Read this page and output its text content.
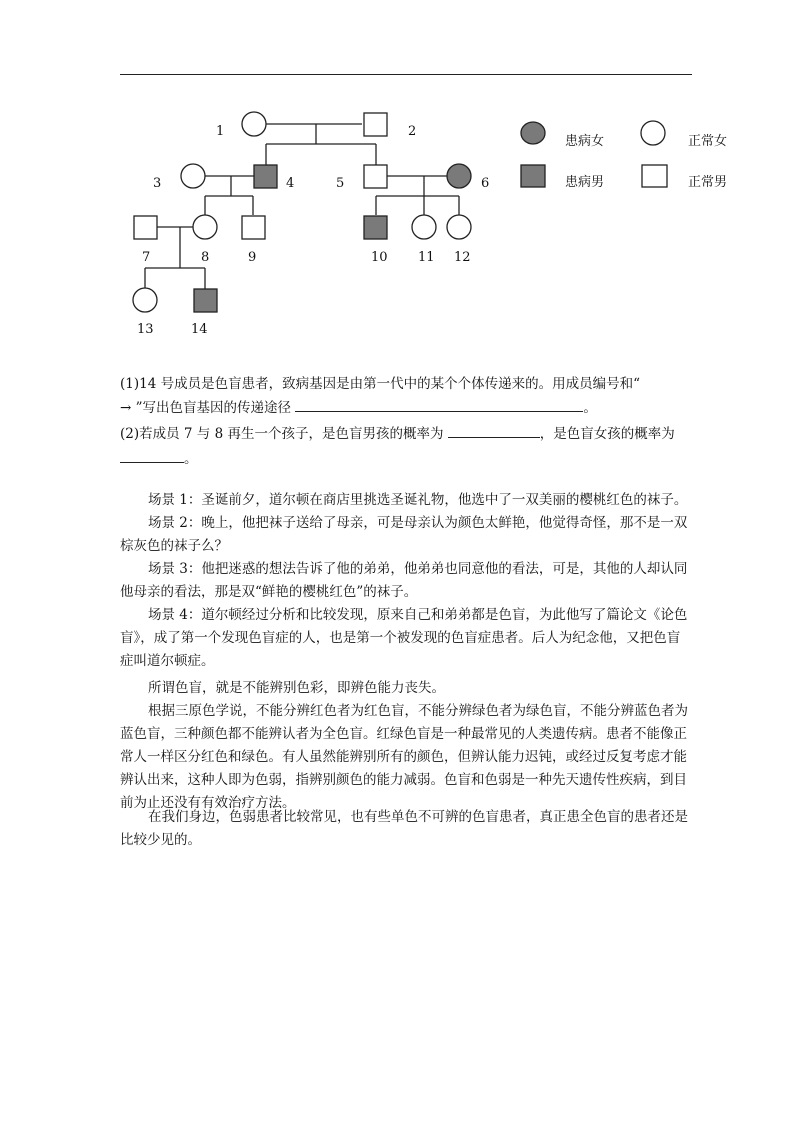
1	2
3	4	5	6
7	8	9	10 11 12
13	14
患病女	正常女
患病男	正常男
(1)14 号成员是色盲患者，致病基因是由第一代中的某个个体传递来的。用成员编号和“
→ ”写出色盲基因的传递途径	。
(2)若成员 7 与 8 再生一个孩子，是色盲男孩的概率为	，是色盲女孩的概率为
。

场景 1：圣诞前夕，道尔顿在商店里挑选圣诞礼物，他选中了一双美丽的樱桃红色的袜子。

场景 2：晚上，他把袜子送给了母亲，可是母亲认为颜色太鲜艳，他觉得奇怪，那不是一双棕灰色的袜子么？

场景 3：他把迷惑的想法告诉了他的弟弟，他弟弟也同意他的看法，可是，其他的人却认同他母亲的看法，那是双“鲜艳的樱桃红色”的袜子。

场景 4：道尔顿经过分析和比较发现，原来自己和弟弟都是色盲，为此他写了篇论文《论色盲》，成了第一个发现色盲症的人，也是第一个被发现的色盲症患者。后人为纪念他，又把色盲症叫道尔顿症。

所谓色盲，就是不能辨别色彩，即辨色能力丧失。

根据三原色学说，不能分辨红色者为红色盲，不能分辨绿色者为绿色盲，不能分辨蓝色者为蓝色盲，三种颜色都不能辨认者为全色盲。红绿色盲是一种最常见的人类遗传病。患者不能像正常人一样区分红色和绿色。有人虽然能辨别所有的颜色，但辨认能力迟钝，或经过反复考虑才能辨认出来，这种人即为色弱，指辨别颜色的能力减弱。色盲和色弱是一种先天遗传性疾病，到目前为止还没有有效治疗方法。

在我们身边，色弱患者比较常见，也有些单色不可辨的色盲患者，真正患全色盲的患者还是比较少见的。
